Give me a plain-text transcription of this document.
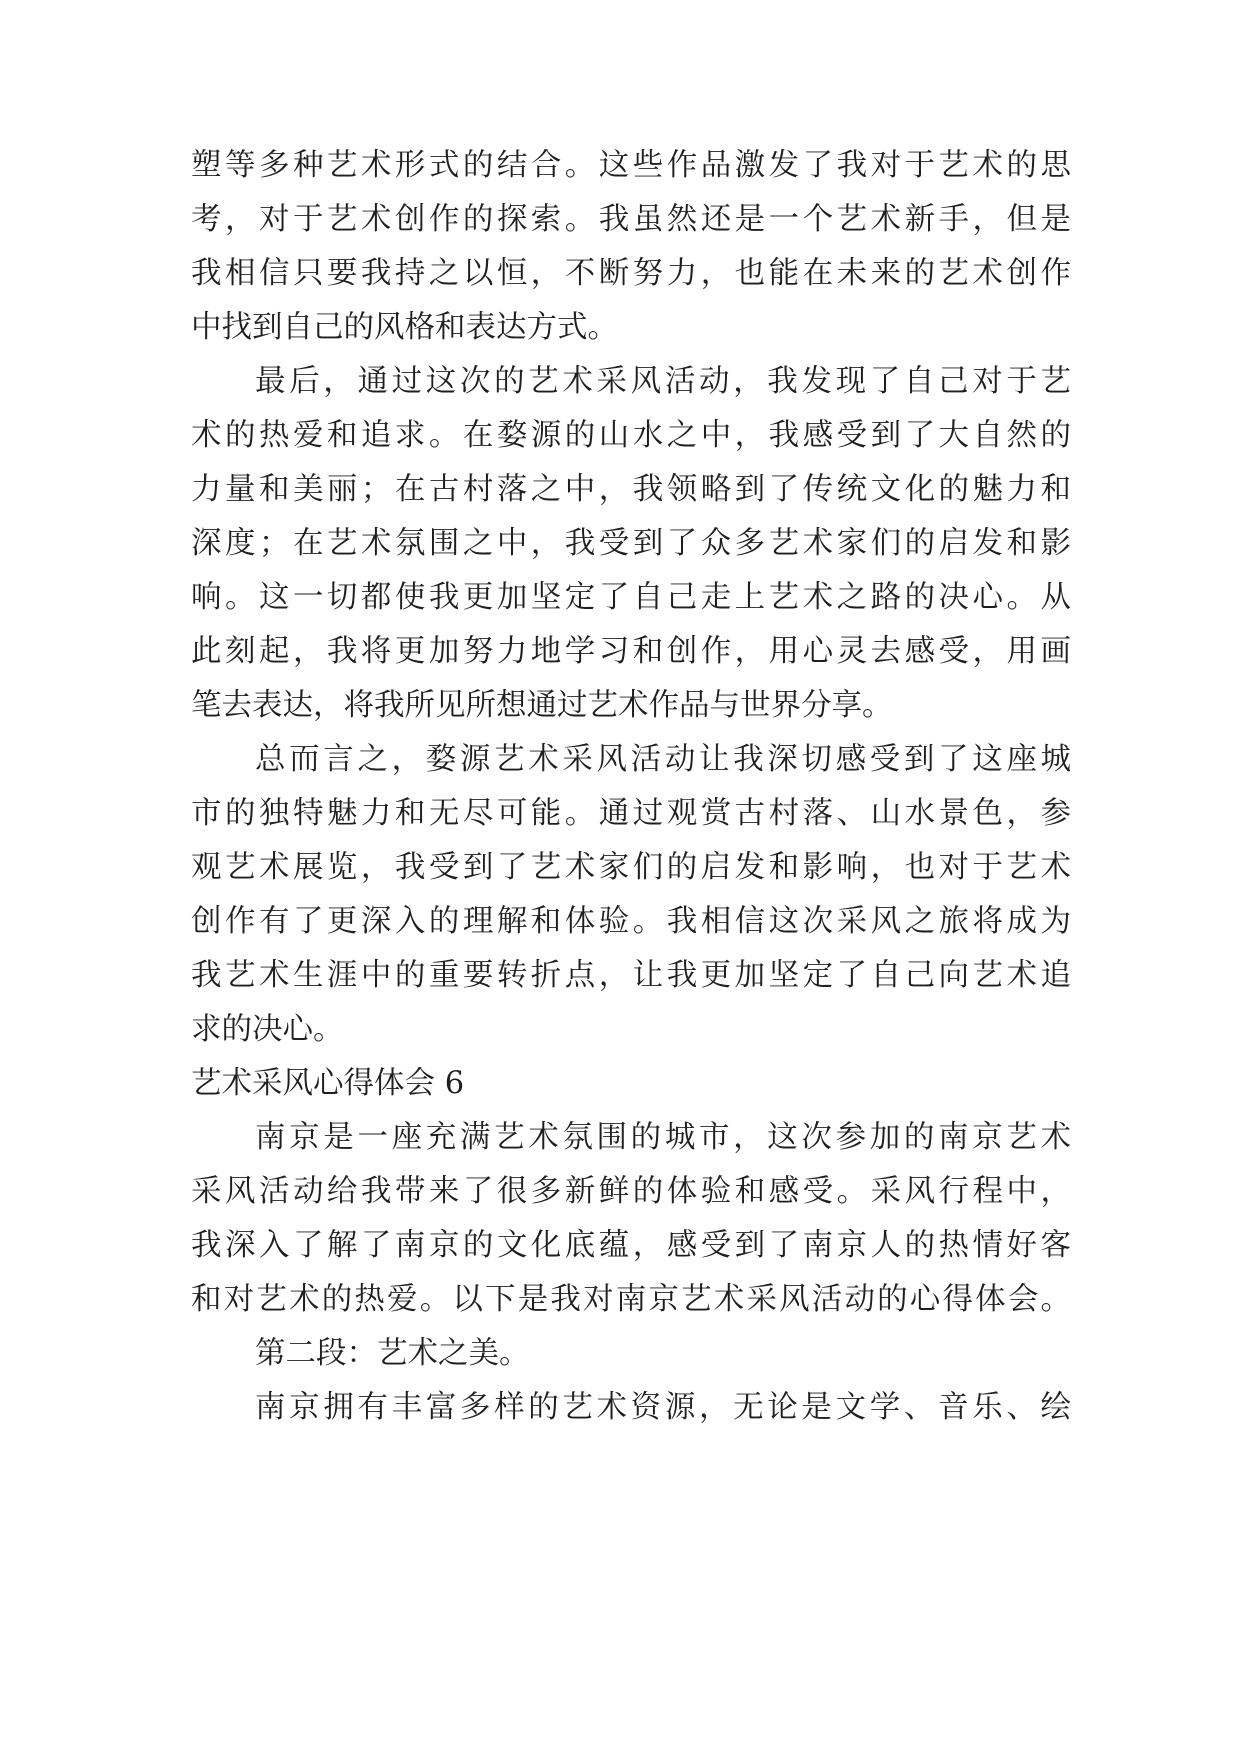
塑等多种艺术形式的结合。这些作品激发了我对于艺术的思
考，对于艺术创作的探索。我虽然还是一个艺术新手，但是
我相信只要我持之以恒，不断努力，也能在未来的艺术创作
中找到自己的风格和表达方式。
最后，通过这次的艺术采风活动，我发现了自己对于艺
术的热爱和追求。在婺源的山水之中，我感受到了大自然的
力量和美丽；在古村落之中，我领略到了传统文化的魅力和
深度；在艺术氛围之中，我受到了众多艺术家们的启发和影
响。这一切都使我更加坚定了自己走上艺术之路的决心。从
此刻起，我将更加努力地学习和创作，用心灵去感受，用画
笔去表达，将我所见所想通过艺术作品与世界分享。
总而言之，婺源艺术采风活动让我深切感受到了这座城
市的独特魅力和无尽可能。通过观赏古村落、山水景色，参
观艺术展览，我受到了艺术家们的启发和影响，也对于艺术
创作有了更深入的理解和体验。我相信这次采风之旅将成为
我艺术生涯中的重要转折点，让我更加坚定了自己向艺术追
求的决心。
艺术采风心得体会 6
南京是一座充满艺术氛围的城市，这次参加的南京艺术
采风活动给我带来了很多新鲜的体验和感受。采风行程中，
我深入了解了南京的文化底蕴，感受到了南京人的热情好客
和对艺术的热爱。以下是我对南京艺术采风活动的心得体会。
第二段：艺术之美。
南京拥有丰富多样的艺术资源，无论是文学、音乐、绘
